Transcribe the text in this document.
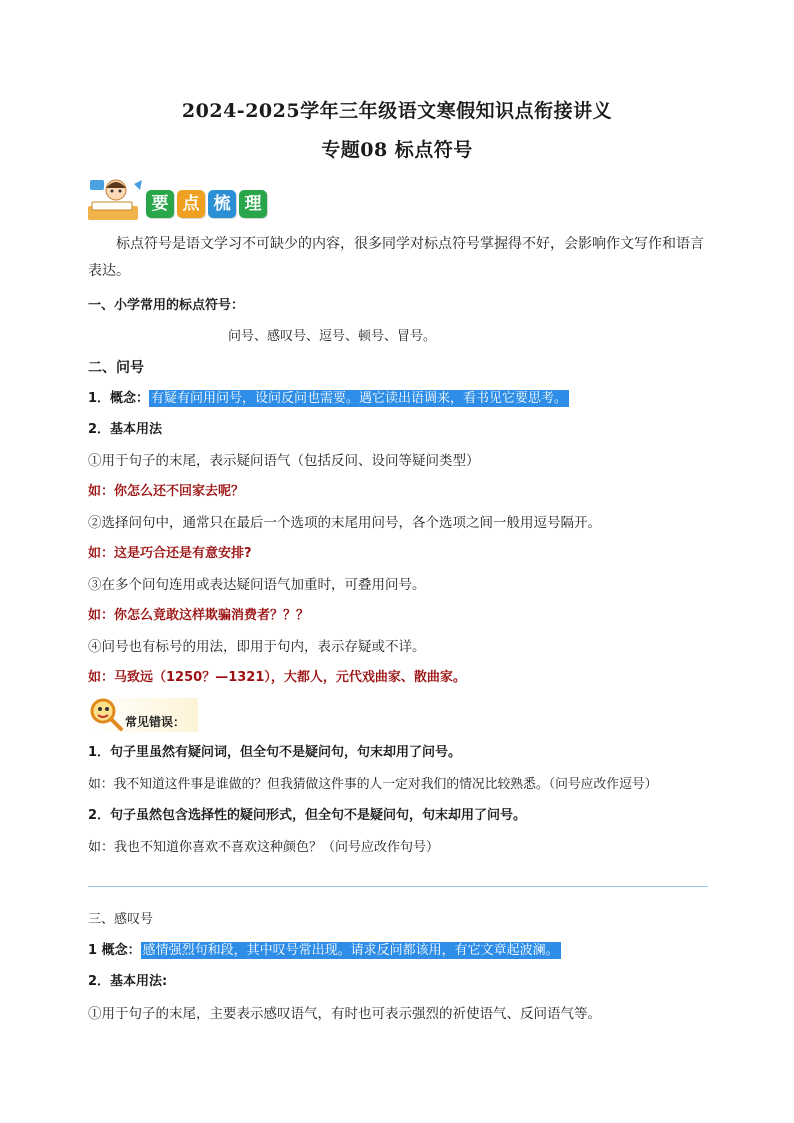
2024-2025学年三年级语文寒假知识点衔接讲义
专题08 标点符号
要 点 梳 理
标点符号是语文学习不可缺少的内容，很多同学对标点符号掌握得不好，会影响作文写作和语言
表达。
一、小学常用的标点符号：
问号、感叹号、逗号、顿号、冒号。
二、问号
1．概念： 有疑有问用问号，设问反问也需要。遇它读出语调来，看书见它要思考。
2．基本用法
①用于句子的末尾，表示疑问语气（包括反问、设问等疑问类型）
如：你怎么还不回家去呢？
②选择问句中，通常只在最后一个选项的末尾用问号，各个选项之间一般用逗号隔开。
如：这是巧合还是有意安排?
③在多个问句连用或表达疑问语气加重时，可叠用问号。
如：你怎么竟敢这样欺骗消费者？？？
④问号也有标号的用法，即用于句内，表示存疑或不详。
如：马致远（1250？—1321），大都人，元代戏曲家、散曲家。
常见错误：
1．句子里虽然有疑问词，但全句不是疑问句，句末却用了问号。
如：我不知道这件事是谁做的？但我猜做这件事的人一定对我们的情况比较熟悉。（问号应改作逗号）
2．句子虽然包含选择性的疑问形式，但全句不是疑问句，句末却用了问号。
如：我也不知道你喜欢不喜欢这种颜色？（问号应改作句号）
三、感叹号
1 概念： 感情强烈句和段，其中叹号常出现。请求反问都该用，有它文章起波澜。
2．基本用法:
①用于句子的末尾，主要表示感叹语气，有时也可表示强烈的祈使语气、反问语气等。
